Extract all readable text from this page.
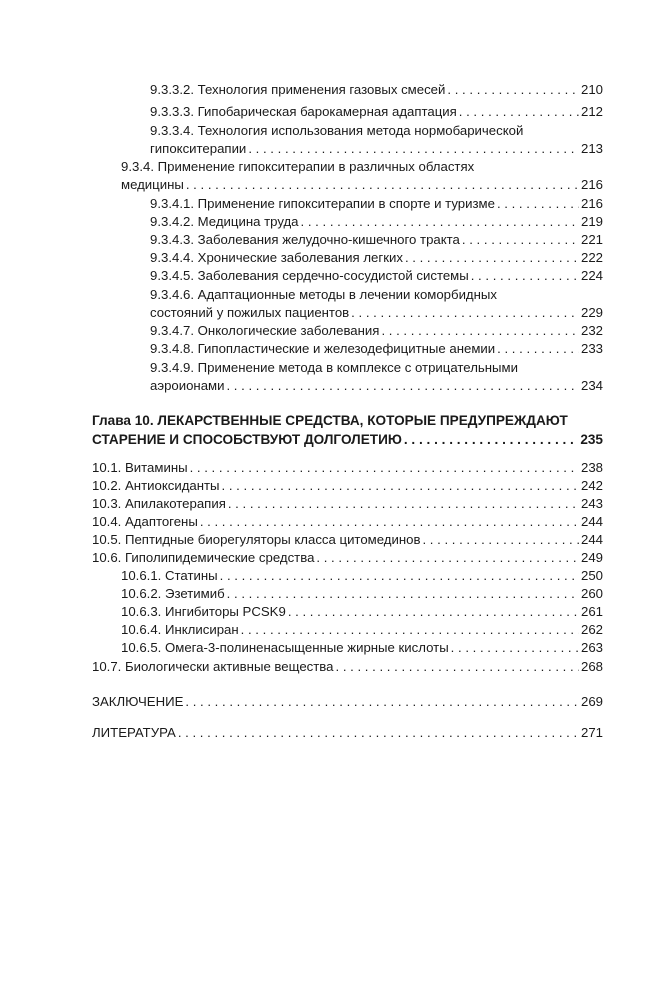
9.3.3.2. Технология применения газовых смесей . . .	210
9.3.3.3. Гипобарическая барокамерная адаптация . . .	212
9.3.3.4. Технология использования метода нормобарической
гипокситерапии . . .	213
9.3.4. Применение гипокситерапии в различных областях
медицины . . .	216
9.3.4.1. Применение гипокситерапии в спорте и туризме . . .	216
9.3.4.2. Медицина труда . . .	219
9.3.4.3. Заболевания желудочно-кишечного тракта . . .	221
9.3.4.4. Хронические заболевания легких . . .	222
9.3.4.5. Заболевания сердечно-сосудистой системы . . .	224
9.3.4.6. Адаптационные методы в лечении коморбидных
состояний у пожилых пациентов . . .	229
9.3.4.7. Онкологические заболевания . . .	232
9.3.4.8. Гипопластические и железодефицитные анемии . . .	233
9.3.4.9. Применение метода в комплексе с отрицательными
аэроионами . . .	234
Глава 10. ЛЕКАРСТВЕННЫЕ СРЕДСТВА, КОТОРЫЕ ПРЕДУПРЕЖДАЮТ
СТАРЕНИЕ И СПОСОБСТВУЮТ ДОЛГОЛЕТИЮ . . .	235
10.1. Витамины . . .	238
10.2. Антиоксиданты . . .	242
10.3. Апилакотерапия . . .	243
10.4. Адаптогены . . .	244
10.5. Пептидные биорегуляторы класса цитомединов . . .	244
10.6. Гиполипидемические средства . . .	249
10.6.1. Статины . . .	250
10.6.2. Эзетимиб . . .	260
10.6.3. Ингибиторы PCSK9 . . .	261
10.6.4. Инклисиран . . .	262
10.6.5. Омега-3-полиненасыщенные жирные кислоты . . .	263
10.7. Биологически активные вещества . . .	268
ЗАКЛЮЧЕНИЕ . . .	269
ЛИТЕРАТУРА . . .	271
